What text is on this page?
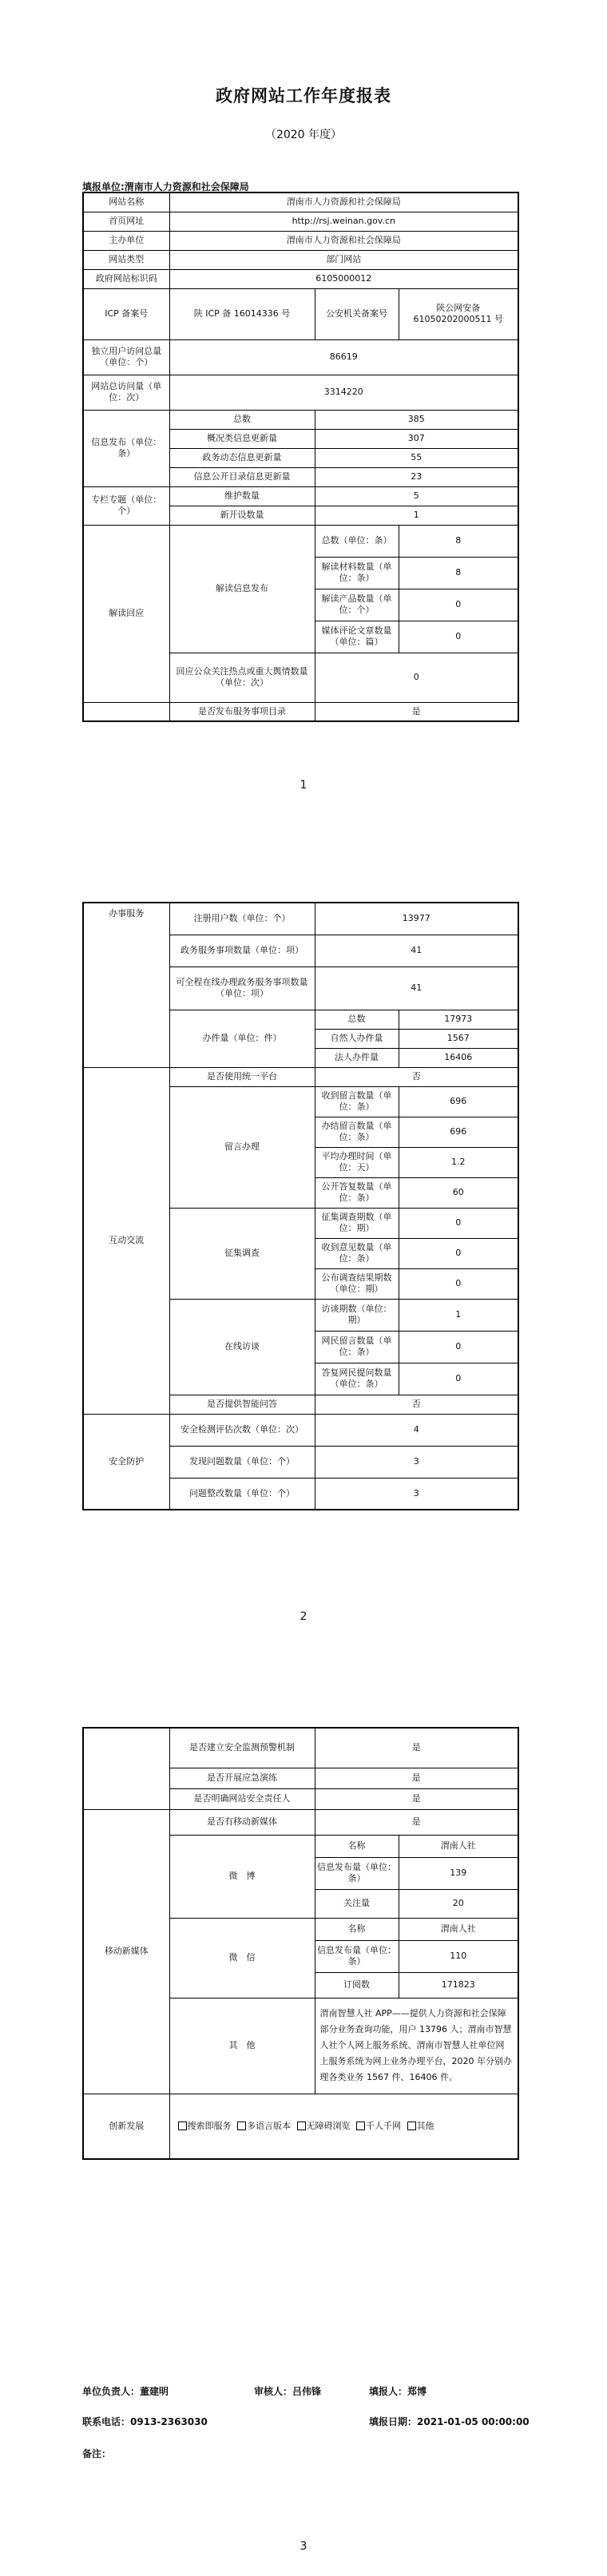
政府网站工作年度报表
（2020 年度）
填报单位:渭南市人力资源和社会保障局
网站名称	渭南市人力资源和社会保障局		
首页网址	http://rsj.weinan.gov.cn		
主办单位	渭南市人力资源和社会保障局		
网站类型	部门网站		
政府网站标识码	6105000012		
ICP 备案号	陕 ICP 备 16014336 号	公安机关备案号	陕公网安备 61050202000511 号
独立用户访问总量（单位：个）	86619		
网站总访问量（单位：次）	3314220		
信息发布（单位：条）	总数	385	
	概况类信息更新量	307	
	政务动态信息更新量	55	
	信息公开目录信息更新量	23	
专栏专题（单位：个）	维护数量	5	
	新开设数量	1	
解读回应	解读信息发布	总数（单位：条）	8
		解读材料数量（单位：条）	8
		解读产品数量（单位：个）	0
		媒体评论文章数量（单位：篇）	0
	回应公众关注热点或重大舆情数量（单位：次）	0	
	是否发布服务事项目录	是	
1
办事服务	注册用户数（单位：个）	13977	
	政务服务事项数量（单位：项）	41	
	可全程在线办理政务服务事项数量（单位：项）	41	
	办件量（单位：件）	总数	17973
		自然人办件量	1567
		法人办件量	16406
互动交流	是否使用统一平台	否	
	留言办理	收到留言数量（单位：条）	696
		办结留言数量（单位：条）	696
		平均办理时间（单位：天）	1.2
		公开答复数量（单位：条）	60
	征集调查	征集调查期数（单位：期）	0
		收到意见数量（单位：条）	0
		公布调查结果期数（单位：期）	0
	在线访谈	访谈期数（单位：期）	1
		网民留言数量（单位：条）	0
		答复网民提问数量（单位：条）	0
	是否提供智能问答	否	
安全防护	安全检测评估次数（单位：次）	4	
	发现问题数量（单位：个）	3	
	问题整改数量（单位：个）	3	
2
	是否建立安全监测预警机制	是	
	是否开展应急演练	是	
	是否明确网站安全责任人	是	
移动新媒体	是否有移动新媒体	是	
	微　博	名称	渭南人社
		信息发布量（单位：条）	139
		关注量	20
	微　信	名称	渭南人社
		信息发布量（单位：条）	110
		订阅数	171823
	其　他	渭南智慧人社 APP——提供人力资源和社会保障部分业务查询功能，用户 13796 人；渭南市智慧人社个人网上服务系统、渭南市智慧人社单位网上服务系统为网上业务办理平台，2020 年分别办理各类业务 1567 件、16406 件。	
创新发展	搜索即服务 多语言版本 无障碍浏览 千人千网 其他		
单位负责人：董建明	审核人：吕伟锋	填报人：郑博
联系电话：0913-2363030	填报日期：2021-01-05 00:00:00
备注：
3
